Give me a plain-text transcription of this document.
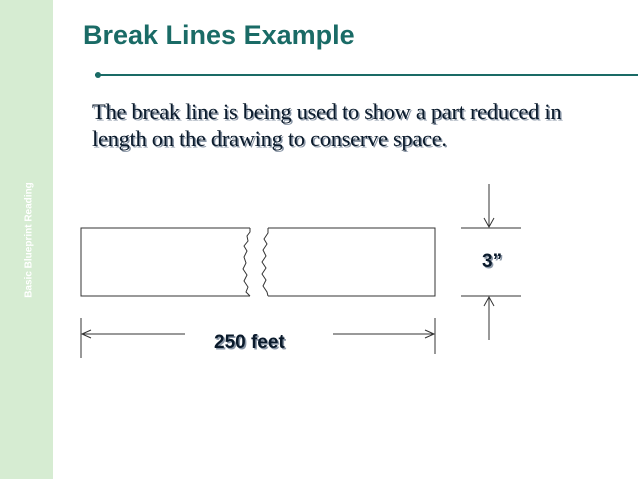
Basic Blueprint Reading
Break Lines Example
The break line is being used to show a part reduced in length on the drawing to conserve space.
250 feet
3”
